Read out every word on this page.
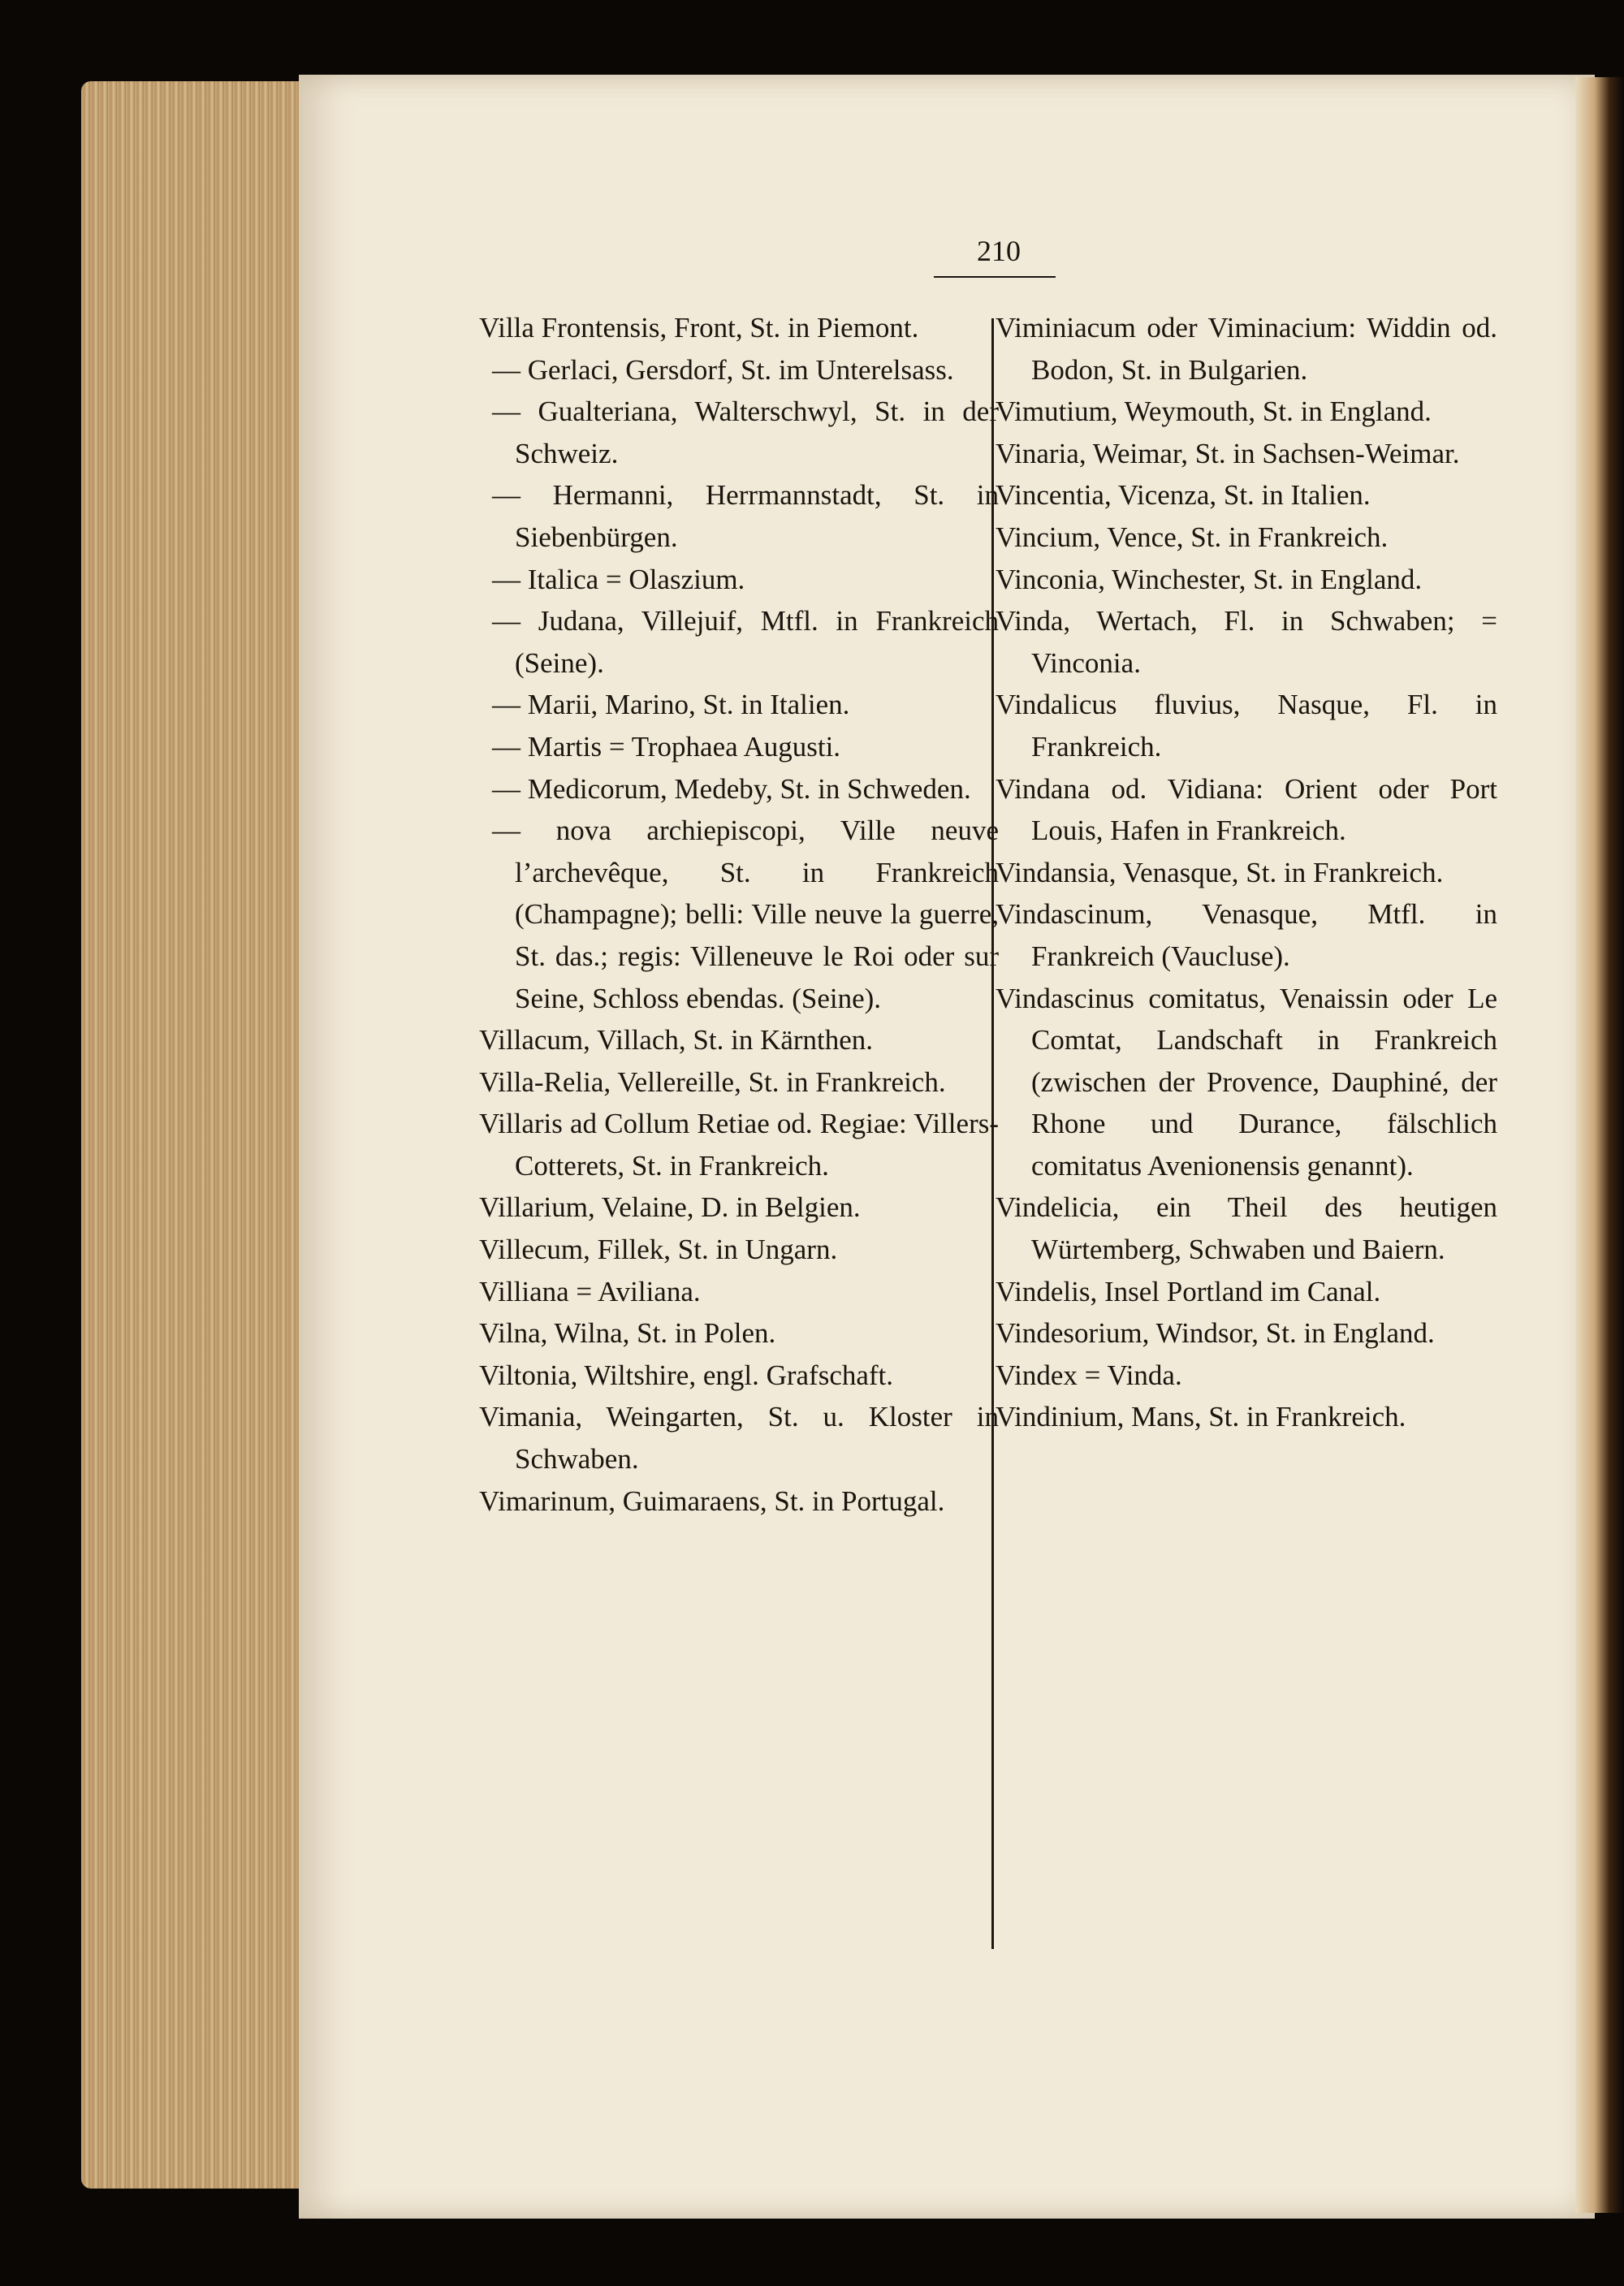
210
Villa Frontensis, Front, St. in Piemont.
— Gerlaci, Gersdorf, St. im Unterelsass.
— Gualteriana, Walterschwyl, St. in der Schweiz.
— Hermanni, Herrmannstadt, St. in Siebenbürgen.
— Italica = Olaszium.
— Judana, Villejuif, Mtfl. in Frankreich (Seine).
— Marii, Marino, St. in Italien.
— Martis = Trophaea Augusti.
— Medicorum, Medeby, St. in Schweden.
— nova archiepiscopi, Ville neuve l’archevêque, St. in Frankreich (Champagne); belli: Ville neuve la guerre, St. das.; regis: Villeneuve le Roi oder sur Seine, Schloss ebendas. (Seine).
Villacum, Villach, St. in Kärnthen.
Villa-Relia, Vellereille, St. in Frankreich.
Villaris ad Collum Retiae od. Regiae: Villers-Cotterets, St. in Frankreich.
Villarium, Velaine, D. in Belgien.
Villecum, Fillek, St. in Ungarn.
Villiana = Aviliana.
Vilna, Wilna, St. in Polen.
Viltonia, Wiltshire, engl. Grafschaft.
Vimania, Weingarten, St. u. Kloster in Schwaben.
Vimarinum, Guimaraens, St. in Portugal.
Viminiacum oder Viminacium: Widdin od. Bodon, St. in Bulgarien.
Vimutium, Weymouth, St. in England.
Vinaria, Weimar, St. in Sachsen-Weimar.
Vincentia, Vicenza, St. in Italien.
Vincium, Vence, St. in Frankreich.
Vinconia, Winchester, St. in England.
Vinda, Wertach, Fl. in Schwaben; = Vinconia.
Vindalicus fluvius, Nasque, Fl. in Frankreich.
Vindana od. Vidiana: Orient oder Port Louis, Hafen in Frankreich.
Vindansia, Venasque, St. in Frankreich.
Vindascinum, Venasque, Mtfl. in Frankreich (Vaucluse).
Vindascinus comitatus, Venaissin oder Le Comtat, Landschaft in Frankreich (zwischen der Provence, Dauphiné, der Rhone und Durance, fälschlich comitatus Avenionensis genannt).
Vindelicia, ein Theil des heutigen Würtemberg, Schwaben und Baiern.
Vindelis, Insel Portland im Canal.
Vindesorium, Windsor, St. in England.
Vindex = Vinda.
Vindinium, Mans, St. in Frankreich.
